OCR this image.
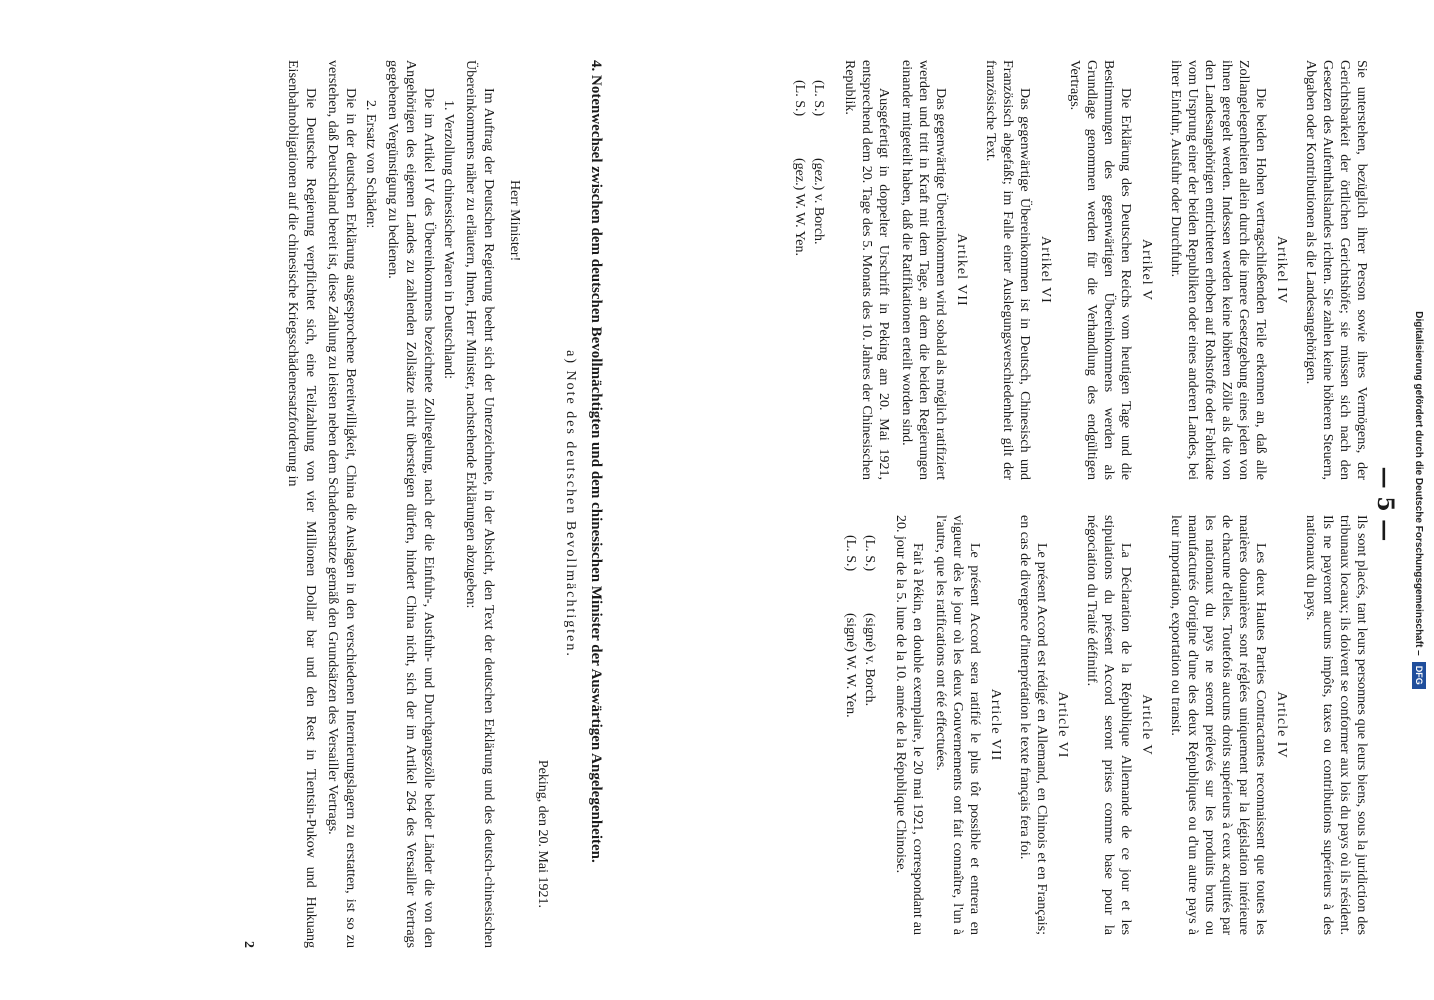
— 5 —

Sie unterstehen, bezüglich ihrer Person sowie ihres Vermögens, der Gerichtsbarkeit der örtlichen Gerichtshöfe; sie müssen sich nach den Gesetzen des Aufenthaltslandes richten. Sie zahlen keine höheren Steuern, Abgaben oder Kontributionen als die Landesangehörigen.

Artikel IV

Die beiden Hohen vertragschließenden Teile erkennen an, daß alle Zollangelegenheiten allein durch die innere Gesetzgebung eines jeden von ihnen geregelt werden. Indessen werden keine höheren Zölle als die von den Landesangehörigen entrichteten erhoben auf Rohstoffe oder Fabrikate vom Ursprung einer der beiden Republiken oder eines anderen Landes, bei ihrer Einfuhr, Ausfuhr oder Durchfuhr.

Artikel V

Die Erklärung des Deutschen Reichs vom heutigen Tage und die Bestimmungen des gegenwärtigen Übereinkommens werden als Grundlage genommen werden für die Verhandlung des endgültigen Vertrags.

Artikel VI

Das gegenwärtige Übereinkommen ist in Deutsch, Chinesisch und Französisch abgefaßt; im Falle einer Auslegungsverschiedenheit gilt der französische Text.

Artikel VII

Das gegenwärtige Übereinkommen wird sobald als möglich ratifiziert werden und tritt in Kraft mit dem Tage, an dem die beiden Regierungen einander mitgeteilt haben, daß die Ratifikationen erteilt worden sind.

Ausgefertigt in doppelter Urschrift in Peking am 20. Mai 1921, entsprechend dem 20. Tage des 5. Monats des 10. Jahres der Chinesischen Republik.

(L. S.)
(gez.) v. Borch.
(L. S.)
(gez.) W. W. Yen.

Ils sont placés, tant leurs personnes que leurs biens, sous la juridiction des tribunaux locaux; ils doivent se conformer aux lois du pays où ils résident. Ils ne payeront aucuns impôts, taxes ou contributions supérieurs à des nationaux du pays.

Article IV

Les deux Hautes Parties Contractantes reconnaissent que toutes les matières douanières sont réglées uniquement par la législation intérieure de chacune d'elles. Toutefois aucuns droits supérieurs à ceux acquittés par les nationaux du pays ne seront prélevés sur les produits bruts ou manufacturés d'origine d'une des deux Républiques ou d'un autre pays à leur importation, exportation ou transit.

Article V

La Déclaration de la République Allemande de ce jour et les stipulations du présent Accord seront prises comme base pour la négociation du Traité définitif.

Article VI

Le présent Accord est rédigé en Allemand, en Chinois et en Français; en cas de divergence d'interprétation le texte français fera foi.

Article VII

Le présent Accord sera ratifié le plus tôt possible et entrera en vigueur dès le jour où les deux Gouvernements ont fait connaître, l'un à l'autre, que les ratifications ont été effectuées.

Fait à Pékin, en double exemplaire, le 20 mai 1921, correspondant au 20. jour de la 5. lune de la 10. année de la République Chinoise.

(L. S.)
(signé) v. Borch.
(L. S.)
(signé) W. W. Yen.

4. Notenwechsel zwischen dem deutschen Bevollmächtigten und dem chinesischen Minister der Auswärtigen Angelegenheiten.

a) Note des deutschen Bevollmächtigten.
Peking, den 20. Mai 1921.
Herr Minister!

Im Auftrag der Deutschen Regierung beehrt sich der Unterzeichnete, in der Absicht, den Text der deutschen Erklärung und des deutsch-chinesischen Übereinkommens näher zu erläutern, Ihnen, Herr Minister, nachstehende Erklärungen abzugeben:

1. Verzollung chinesischer Waren in Deutschland:

Die im Artikel IV des Übereinkommens bezeichnete Zollregelung, nach der die Einfuhr-, Ausfuhr- und Durchgangszölle beider Länder die von den Angehörigen des eigenen Landes zu zahlenden Zollsätze nicht übersteigen dürfen, hindert China nicht, sich der im Artikel 264 des Versailler Vertrags gegebenen Vergünstigung zu bedienen.

2. Ersatz von Schäden:

Die in der deutschen Erklärung ausgesprochene Bereitwilligkeit, China die Auslagen in den verschiedenen Internierungslagern zu erstatten, ist so zu verstehen, daß Deutschland bereit ist, diese Zahlung zu leisten neben dem Schadenersatze gemäß den Grundsätzen des Versailler Vertrags.

Die Deutsche Regierung verpflichtet sich, eine Teilzahlung von vier Millionen Dollar bar und den Rest in Tientsin-Pukow und Hukuang Eisenbahnobligationen auf die chinesische Kriegsschädenersatzforderung in

2
Digitalisierung gefördert durch die Deutsche Forschungsgemeinschaft –DFG
